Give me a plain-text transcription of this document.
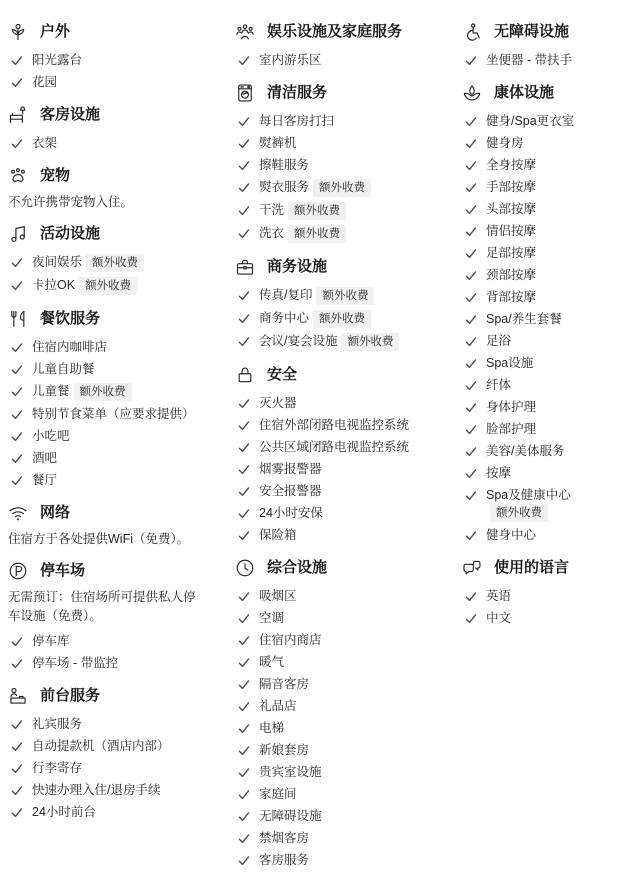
户外
阳光露台
花园
客房设施
衣架
宠物
不允许携带宠物入住。
活动设施
夜间娱乐 额外收费
卡拉OK 额外收费
餐饮服务
住宿内咖啡店
儿童自助餐
儿童餐 额外收费
特别节食菜单（应要求提供）
小吃吧
酒吧
餐厅
网络
住宿方于各处提供WiFi（免费）。
停车场
无需预订：住宿场所可提供私人停车设施（免费）。
停车库
停车场 - 带监控
前台服务
礼宾服务
自动提款机（酒店内部）
行李寄存
快速办理入住/退房手续
24小时前台
娱乐设施及家庭服务
室内游乐区
清洁服务
每日客房打扫
熨裤机
擦鞋服务
熨衣服务 额外收费
干洗 额外收费
洗衣 额外收费
商务设施
传真/复印 额外收费
商务中心 额外收费
会议/宴会设施 额外收费
安全
灭火器
住宿外部闭路电视监控系统
公共区域闭路电视监控系统
烟雾报警器
安全报警器
24小时安保
保险箱
综合设施
吸烟区
空调
住宿内商店
暖气
隔音客房
礼品店
电梯
新娘套房
贵宾室设施
家庭间
无障碍设施
禁烟客房
客房服务
无障碍设施
坐便器 - 带扶手
康体设施
健身/Spa更衣室
健身房
全身按摩
手部按摩
头部按摩
情侣按摩
足部按摩
颈部按摩
背部按摩
Spa/养生套餐
足浴
Spa设施
纤体
身体护理
脸部护理
美容/美体服务
按摩
Spa及健康中心额外收费
健身中心
使用的语言
英语
中文
